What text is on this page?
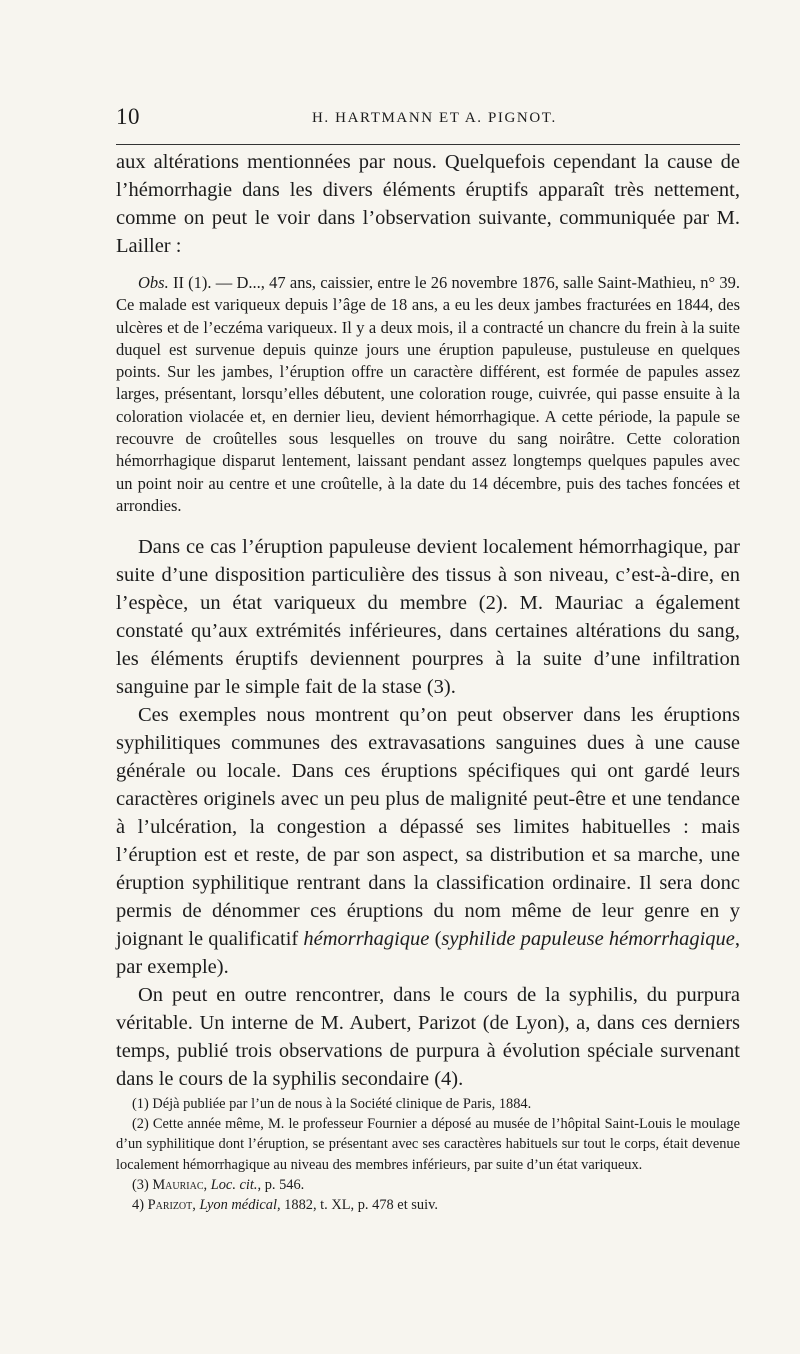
10	H. HARTMANN ET A. PIGNOT.

aux altérations mentionnées par nous. Quelquefois cependant la cause de l’hémorrhagie dans les divers éléments éruptifs apparaît très nettement, comme on peut le voir dans l’observation suivante, communiquée par M. Lailler :

Obs. II (1). — D..., 47 ans, caissier, entre le 26 novembre 1876, salle Saint-Mathieu, n° 39. Ce malade est variqueux depuis l’âge de 18 ans, a eu les deux jambes fracturées en 1844, des ulcères et de l’eczéma variqueux. Il y a deux mois, il a contracté un chancre du frein à la suite duquel est survenue depuis quinze jours une éruption papuleuse, pustuleuse en quelques points. Sur les jambes, l’éruption offre un caractère différent, est formée de papules assez larges, présentant, lorsqu’elles débutent, une coloration rouge, cuivrée, qui passe ensuite à la coloration violacée et, en dernier lieu, devient hémorrhagique. A cette période, la papule se recouvre de croûtelles sous lesquelles on trouve du sang noirâtre. Cette coloration hémorrhagique disparut lentement, laissant pendant assez longtemps quelques papules avec un point noir au centre et une croûtelle, à la date du 14 décembre, puis des taches foncées et arrondies.

Dans ce cas l’éruption papuleuse devient localement hémorrhagique, par suite d’une disposition particulière des tissus à son niveau, c’est-à-dire, en l’espèce, un état variqueux du membre (2). M. Mauriac a également constaté qu’aux extrémités inférieures, dans certaines altérations du sang, les éléments éruptifs deviennent pourpres à la suite d’une infiltration sanguine par le simple fait de la stase (3).

Ces exemples nous montrent qu’on peut observer dans les éruptions syphilitiques communes des extravasations sanguines dues à une cause générale ou locale. Dans ces éruptions spécifiques qui ont gardé leurs caractères originels avec un peu plus de malignité peut-être et une tendance à l’ulcération, la congestion a dépassé ses limites habituelles : mais l’éruption est et reste, de par son aspect, sa distribution et sa marche, une éruption syphilitique rentrant dans la classification ordinaire. Il sera donc permis de dénommer ces éruptions du nom même de leur genre en y joignant le qualificatif hémorrhagique (syphilide papuleuse hémorrhagique, par exemple).

On peut en outre rencontrer, dans le cours de la syphilis, du purpura véritable. Un interne de M. Aubert, Parizot (de Lyon), a, dans ces derniers temps, publié trois observations de purpura à évolution spéciale survenant dans le cours de la syphilis secondaire (4).

(1) Déjà publiée par l’un de nous à la Société clinique de Paris, 1884.

(2) Cette année même, M. le professeur Fournier a déposé au musée de l’hôpital Saint-Louis le moulage d’un syphilitique dont l’éruption, se présentant avec ses caractères habituels sur tout le corps, était devenue localement hémorrhagique au niveau des membres inférieurs, par suite d’un état variqueux.

(3) Mauriac, Loc. cit., p. 546.

4) Parizot, Lyon médical, 1882, t. XL, p. 478 et suiv.
